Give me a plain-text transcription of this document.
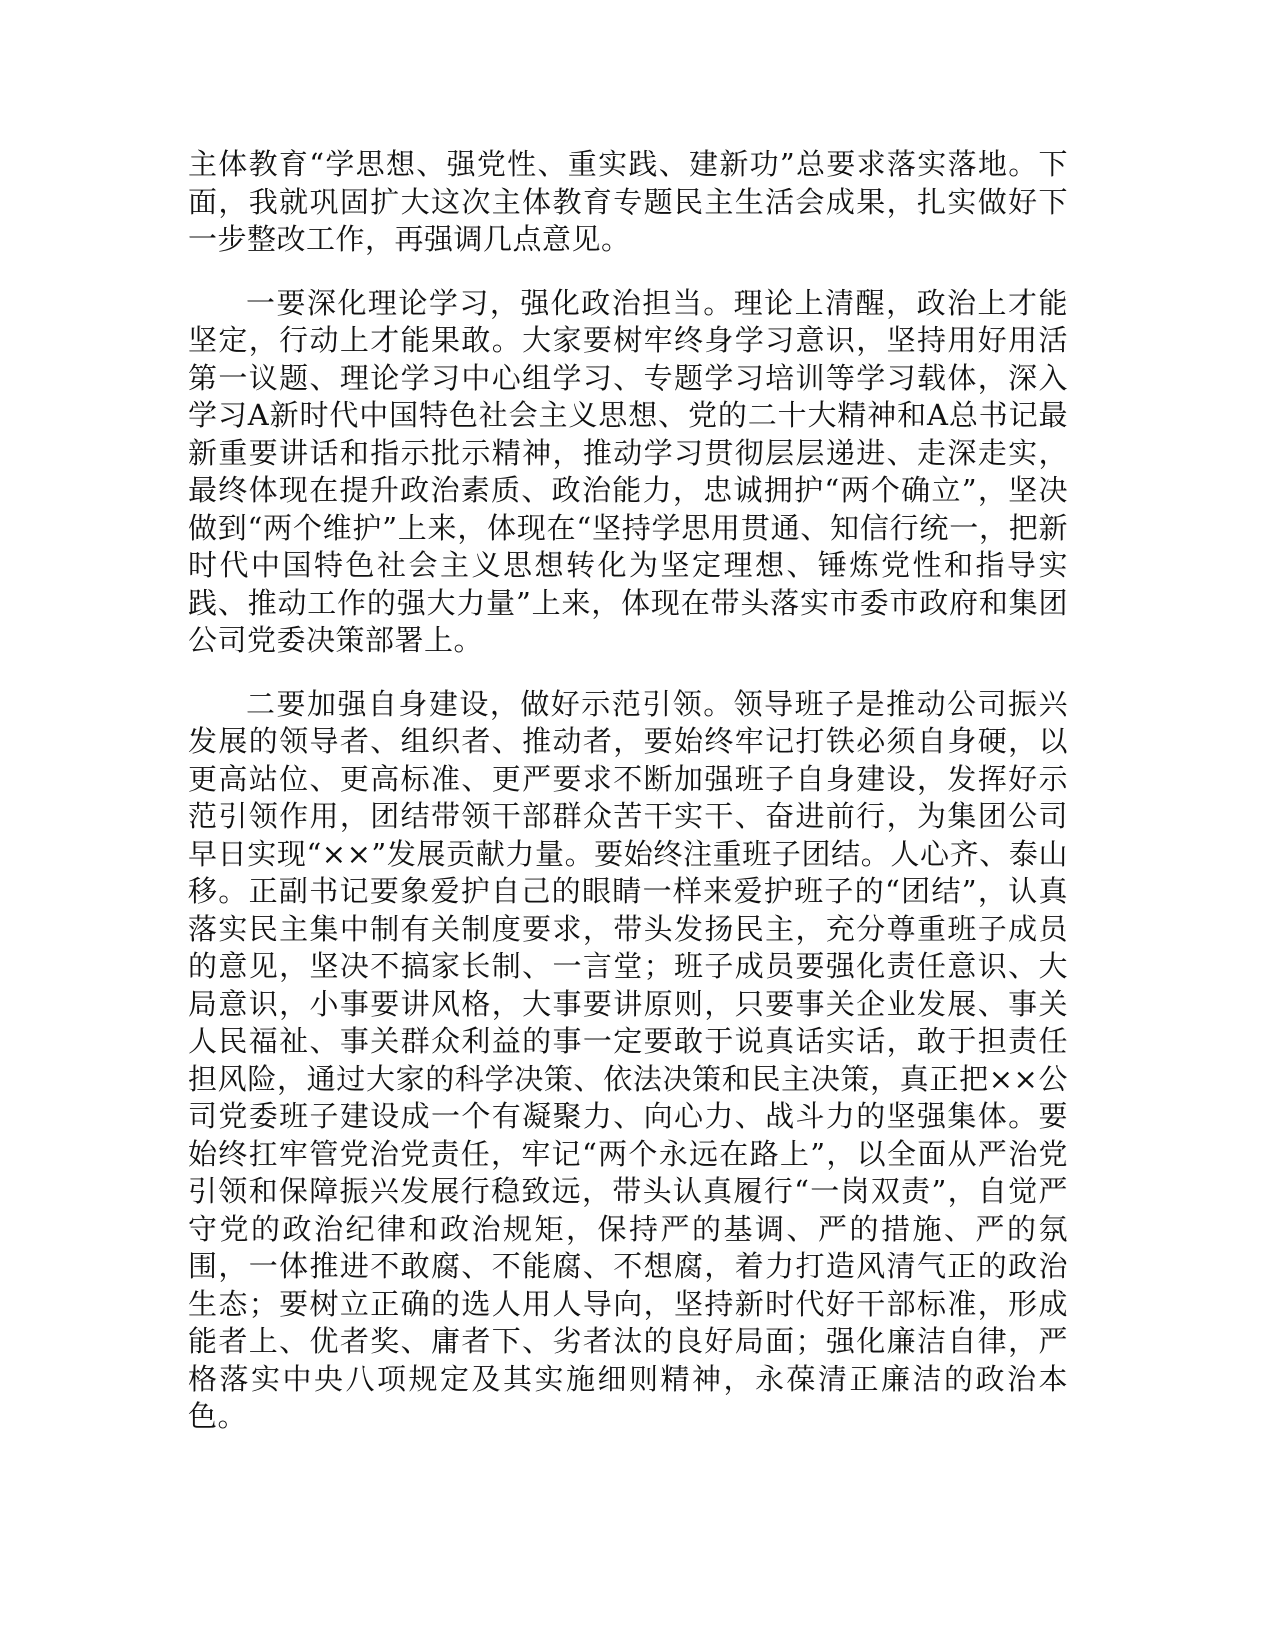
主体教育“学思想、强党性、重实践、建新功”总要求落实落地。下面，我就巩固扩大这次主体教育专题民主生活会成果，扎实做好下一步整改工作，再强调几点意见。

一要深化理论学习，强化政治担当。理论上清醒，政治上才能坚定，行动上才能果敢。大家要树牢终身学习意识，坚持用好用活第一议题、理论学习中心组学习、专题学习培训等学习载体，深入学习A新时代中国特色社会主义思想、党的二十大精神和A总书记最新重要讲话和指示批示精神，推动学习贯彻层层递进、走深走实，最终体现在提升政治素质、政治能力，忠诚拥护“两个确立”，坚决做到“两个维护”上来，体现在“坚持学思用贯通、知信行统一，把新时代中国特色社会主义思想转化为坚定理想、锤炼党性和指导实践、推动工作的强大力量”上来，体现在带头落实市委市政府和集团公司党委决策部署上。

二要加强自身建设，做好示范引领。领导班子是推动公司振兴发展的领导者、组织者、推动者，要始终牢记打铁必须自身硬，以更高站位、更高标准、更严要求不断加强班子自身建设，发挥好示范引领作用，团结带领干部群众苦干实干、奋进前行，为集团公司早日实现“××”发展贡献力量。要始终注重班子团结。人心齐、泰山移。正副书记要象爱护自己的眼睛一样来爱护班子的“团结”，认真落实民主集中制有关制度要求，带头发扬民主，充分尊重班子成员的意见，坚决不搞家长制、一言堂；班子成员要强化责任意识、大局意识，小事要讲风格，大事要讲原则，只要事关企业发展、事关人民福祉、事关群众利益的事一定要敢于说真话实话，敢于担责任担风险，通过大家的科学决策、依法决策和民主决策，真正把××公司党委班子建设成一个有凝聚力、向心力、战斗力的坚强集体。要始终扛牢管党治党责任，牢记“两个永远在路上”，以全面从严治党引领和保障振兴发展行稳致远，带头认真履行“一岗双责”，自觉严守党的政治纪律和政治规矩，保持严的基调、严的措施、严的氛围，一体推进不敢腐、不能腐、不想腐，着力打造风清气正的政治生态；要树立正确的选人用人导向，坚持新时代好干部标准，形成能者上、优者奖、庸者下、劣者汰的良好局面；强化廉洁自律，严格落实中央八项规定及其实施细则精神，永葆清正廉洁的政治本色。
